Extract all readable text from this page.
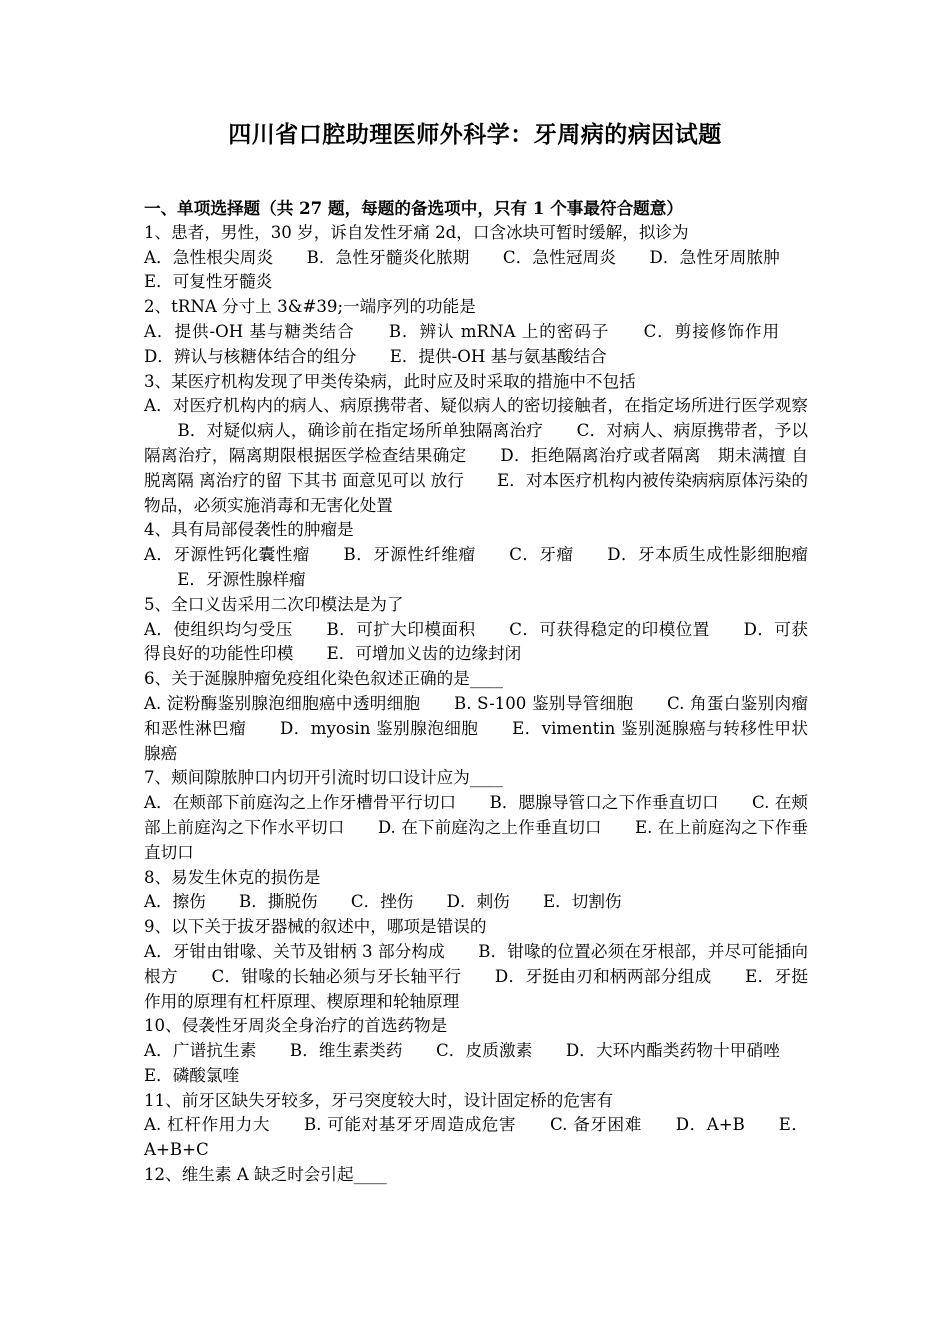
四川省口腔助理医师外科学：牙周病的病因试题
一、单项选择题（共 27 题，每题的备选项中，只有 1 个事最符合题意）
1、患者，男性，30 岁，诉自发性牙痛 2d，口含冰块可暂时缓解，拟诊为
A．急性根尖周炎 B．急性牙髓炎化脓期 C．急性冠周炎 D．急性牙周脓肿 E．可复性牙髓炎
2、tRNA 分寸上 3&#39;一端序列的功能是
A．提供-OH 基与糖类结合 B．辨认 mRNA 上的密码子 C．剪接修饰作用 D．辨认与核糖体结合的组分 E．提供-OH 基与氨基酸结合
3、某医疗机构发现了甲类传染病，此时应及时采取的措施中不包括
A．对医疗机构内的病人、病原携带者、疑似病人的密切接触者，在指定场所进行医学观察 B．对疑似病人，确诊前在指定场所单独隔离治疗 C．对病人、病原携带者，予以隔离治疗，隔离期限根据医学检查结果确定 D．拒绝隔离治疗或者隔离　期未满擅 自脱离隔 离治疗的留 下其书 面意见可以 放行 E．对本医疗机构内被传染病病原体污染的物品，必须实施消毒和无害化处置
4、具有局部侵袭性的肿瘤是
A．牙源性钙化囊性瘤 B．牙源性纤维瘤 C．牙瘤 D．牙本质生成性影细胞瘤 E．牙源性腺样瘤
5、全口义齿采用二次印模法是为了
A．使组织均匀受压 B．可扩大印模面积 C．可获得稳定的印模位置 D．可获得良好的功能性印模 E．可增加义齿的边缘封闭
6、关于涎腺肿瘤免疫组化染色叙述正确的是____
A. 淀粉酶鉴别腺泡细胞癌中透明细胞 B. S-100 鉴别导管细胞 C. 角蛋白鉴别肉瘤和恶性淋巴瘤 D．myosin 鉴别腺泡细胞 E．vimentin 鉴别涎腺癌与转移性甲状腺癌
7、颊间隙脓肿口内切开引流时切口设计应为____
A．在颊部下前庭沟之上作牙槽骨平行切口 B．腮腺导管口之下作垂直切口 C. 在颊部上前庭沟之下作水平切口 D. 在下前庭沟之上作垂直切口 E. 在上前庭沟之下作垂直切口
8、易发生休克的损伤是
A．擦伤 B．撕脱伤 C．挫伤 D．刺伤 E．切割伤
9、以下关于拔牙器械的叙述中，哪项是错误的
A．牙钳由钳喙、关节及钳柄 3 部分构成 B．钳喙的位置必须在牙根部，并尽可能插向根方 C．钳喙的长轴必须与牙长轴平行 D．牙挺由刃和柄两部分组成 E．牙挺作用的原理有杠杆原理、楔原理和轮轴原理
10、侵袭性牙周炎全身治疗的首选药物是
A．广谱抗生素 B．维生素类药 C．皮质激素 D．大环内酯类药物十甲硝唑 E．磷酸氯喹
11、前牙区缺失牙较多，牙弓突度较大时，设计固定桥的危害有
A. 杠杆作用力大 B. 可能对基牙牙周造成危害 C. 备牙困难 D．A+B E．A+B+C
12、维生素 A 缺乏时会引起____
